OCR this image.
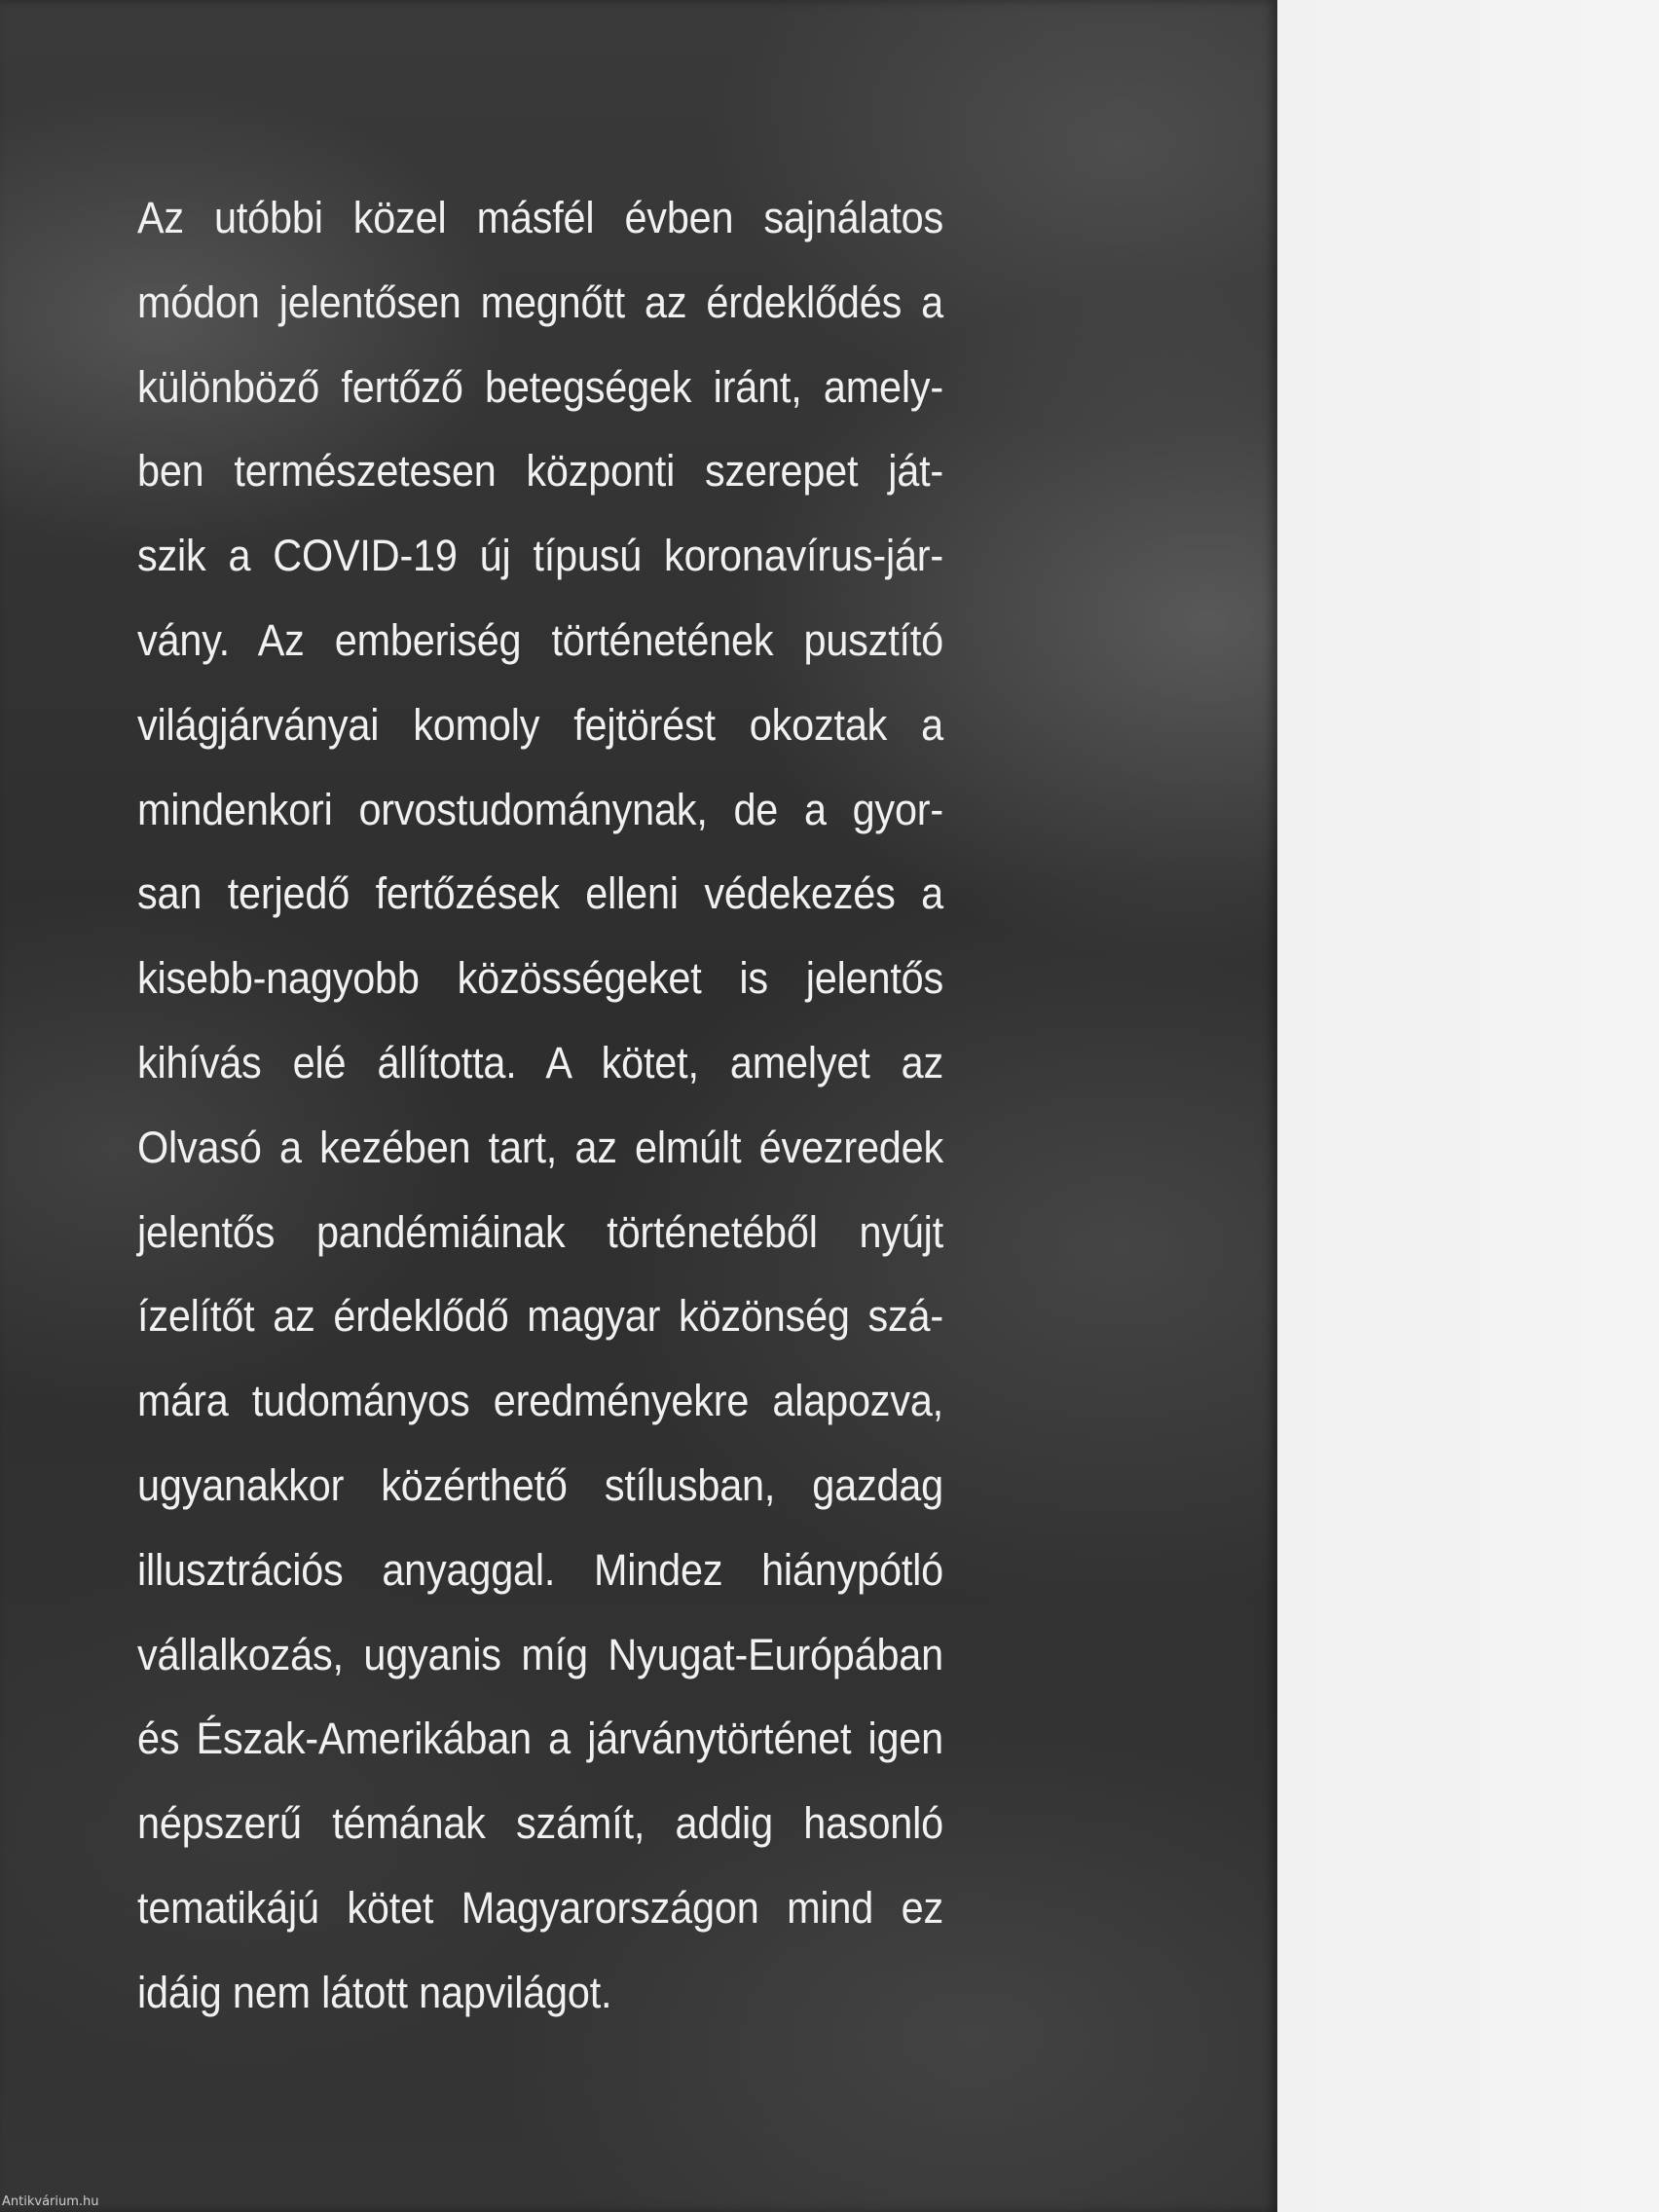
Az utóbbi közel másfél évben sajnálatos
módon jelentősen megnőtt az érdeklődés a
különböző fertőző betegségek iránt, amely-
ben természetesen központi szerepet ját-
szik a COVID-19 új típusú koronavírus-jár-
vány. Az emberiség történetének pusztító
világjárványai komoly fejtörést okoztak a
mindenkori orvostudománynak, de a gyor-
san terjedő fertőzések elleni védekezés a
kisebb-nagyobb közösségeket is jelentős
kihívás elé állította. A kötet, amelyet az
Olvasó a kezében tart, az elmúlt évezredek
jelentős pandémiáinak történetéből nyújt
ízelítőt az érdeklődő magyar közönség szá-
mára tudományos eredményekre alapozva,
ugyanakkor közérthető stílusban, gazdag
illusztrációs anyaggal. Mindez hiánypótló
vállalkozás, ugyanis míg Nyugat-Európában
és Észak-Amerikában a járványtörténet igen
népszerű témának számít, addig hasonló
tematikájú kötet Magyarországon mind ez
idáig nem látott napvilágot.

Antikvárium.hu
